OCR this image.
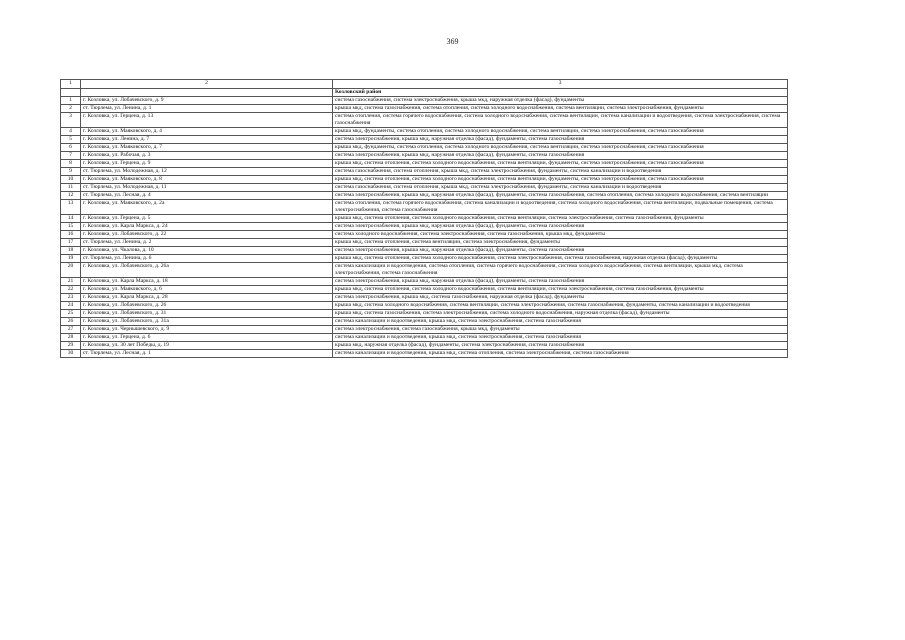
369
1	2	3
		Козловский район
1	г. Козловка, ул. Лобачевского, д. 9	система газоснабжения, система электроснабжения, крыша мкд, наружная отделка (фасад), фундаменты
2	ст. Тюрлема, ул. Ленина, д. 1	крыша мкд, система газоснабжения, система отопления, система холодного водоснабжения, система вентиляции, система электроснабжения, фундаменты
3	г. Козловка, ул. Герцена, д. 13	система отопления, система горячего водоснабжения, система холодного водоснабжения, система вентиляции, система канализации и водоотведения, система электроснабжения, система газоснабжения
4	г. Козловка, ул. Маяковского, д. 4	крыша мкд, фундаменты, система отопления, система холодного водоснабжения, система вентиляции, система электроснабжения, система газоснабжения
5	г. Козловка, ул. Ленина, д. 7	система электроснабжения, крыша мкд, наружная отделка (фасад), фундаменты, система газоснабжения
6	г. Козловка, ул. Маяковского, д. 7	крыша мкд, фундаменты, система отопления, система холодного водоснабжения, система вентиляции, система электроснабжения, система газоснабжения
7	г. Козловка, ул. Рабочая, д. 3	система электроснабжения, крыша мкд, наружная отделка (фасад), фундаменты, система газоснабжения
8	г. Козловка, ул. Герцена, д. 9	крыша мкд, система отопления, система холодного водоснабжения, система вентиляции, фундаменты, система электроснабжения, система газоснабжения
9	ст. Тюрлема, ул. Молодежная, д. 12	система газоснабжения, система отопления, крыша мкд, система электроснабжения, фундаменты, система канализации и водоотведения
10	г. Козловка, ул. Маяковского, д. 8	крыша мкд, система отопления, система холодного водоснабжения, система вентиляции, фундаменты, система электроснабжения, система газоснабжения
11	ст. Тюрлема, ул. Молодежная, д. 11	система газоснабжения, система отопления, крыша мкд, система электроснабжения, фундаменты, система канализации и водоотведения
12	ст. Тюрлема, ул. Лесная, д. 4	система электроснабжения, крыша мкд, наружная отделка (фасад), фундаменты, система газоснабжения, система отопления, система холодного водоснабжения, система вентиляции
13	г. Козловка, ул. Маяковского, д. 2а	система отопления, система горячего водоснабжения, система канализации и водоотведения, система холодного водоснабжения, система вентиляции, подвальные помещения, система электроснабжения, система газоснабжения
14	г. Козловка, ул. Герцена, д. 5	крыша мкд, система отопления, система холодного водоснабжения, система вентиляции, система электроснабжения, система газоснабжения, фундаменты
15	г. Козловка, ул. Карла Маркса, д. 24	система электроснабжения, крыша мкд, наружная отделка (фасад), фундаменты, система газоснабжения
16	г. Козловка, ул. Лобачевского, д. 22	система холодного водоснабжения, система электроснабжения, система газоснабжения, крыша мкд, фундаменты
17	ст. Тюрлема, ул. Ленина, д. 2	крыша мкд, система отопления, система вентиляции, система электроснабжения, фундаменты
18	г. Козловка, ул. Чкалова, д. 10	система электроснабжения, крыша мкд, наружная отделка (фасад), фундаменты, система газоснабжения
19	ст. Тюрлема, ул. Ленина, д. 6	крыша мкд, система отопления, система холодного водоснабжения, система электроснабжения, система газоснабжения, наружная отделка (фасад), фундаменты
20	г. Козловка, ул. Лобачевского, д. 26а	система канализации и водоотведения, система отопления, система горячего водоснабжения, система холодного водоснабжения, система вентиляции, крыша мкд, система электроснабжения, система газоснабжения
21	г. Козловка, ул. Карла Маркса, д. 18	система электроснабжения, крыша мкд, наружная отделка (фасад), фундаменты, система газоснабжения
22	г. Козловка, ул. Маяковского, д. 6	крыша мкд, система отопления, система холодного водоснабжения, система вентиляции, система электроснабжения, система газоснабжения, фундаменты
23	г. Козловка, ул. Карла Маркса, д. 28	система электроснабжения, крыша мкд, система газоснабжения, наружная отделка (фасад), фундаменты
24	г. Козловка, ул. Лобачевского, д. 26	крыша мкд, система холодного водоснабжения, система вентиляции, система электроснабжения, система газоснабжения, фундаменты, система канализации и водоотведения
25	г. Козловка, ул. Лобачевского, д. 31	крыша мкд, система газоснабжения, система электроснабжения, система холодного водоснабжения, наружная отделка (фасад), фундаменты
26	г. Козловка, ул. Лобачевского, д. 31а	система канализации и водоотведения, крыша мкд, система электроснабжения, система газоснабжения
27	г. Козловка, ул. Чернышевского, д. 9	система электроснабжения, система газоснабжения, крыша мкд, фундаменты
28	г. Козловка, ул. Герцена, д. 6	система канализации и водоотведения, крыша мкд, система электроснабжения, система газоснабжения
29	г. Козловка, ул. 30 лет Победы, д. 19	крыша мкд, наружная отделка (фасад), фундаменты, система электроснабжения, система газоснабжения
30	ст. Тюрлема, ул. Лесная, д. 1	система канализации и водоотведения, крыша мкд, система отопления, система электроснабжения, система газоснабжения
